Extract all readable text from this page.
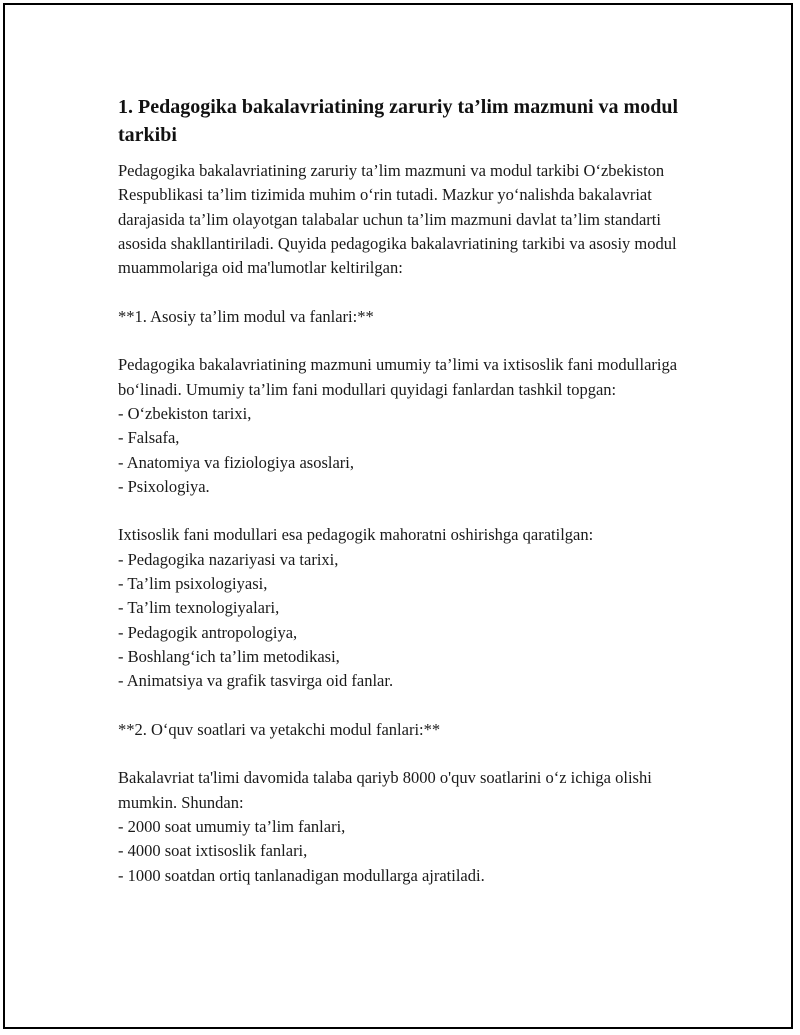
1. Pedagogika bakalavriatining zaruriy ta’lim mazmuni va modul tarkibi

Pedagogika bakalavriatining zaruriy ta’lim mazmuni va modul tarkibi O‘zbekiston Respublikasi ta’lim tizimida muhim o‘rin tutadi. Mazkur yo‘nalishda bakalavriat darajasida ta’lim olayotgan talabalar uchun ta’lim mazmuni davlat ta’lim standarti asosida shakllantiriladi. Quyida pedagogika bakalavriatining tarkibi va asosiy modul muammolariga oid ma'lumotlar keltirilgan:

**1. Asosiy ta’lim modul va fanlari:**

Pedagogika bakalavriatining mazmuni umumiy ta’limi va ixtisoslik fani modullariga bo‘linadi. Umumiy ta’lim fani modullari quyidagi fanlardan tashkil topgan:

- O‘zbekiston tarixi,
- Falsafa,
- Anatomiya va fiziologiya asoslari,
- Psixologiya.

Ixtisoslik fani modullari esa pedagogik mahoratni oshirishga qaratilgan:

- Pedagogika nazariyasi va tarixi,
- Ta’lim psixologiyasi,
- Ta’lim texnologiyalari,
- Pedagogik antropologiya,
- Boshlang‘ich ta’lim metodikasi,
- Animatsiya va grafik tasvirga oid fanlar.

**2. O‘quv soatlari va yetakchi modul fanlari:**

Bakalavriat ta'limi davomida talaba qariyb 8000 o'quv soatlarini o‘z ichiga olishi mumkin. Shundan:

- 2000 soat umumiy ta’lim fanlari,
- 4000 soat ixtisoslik fanlari,
- 1000 soatdan ortiq tanlanadigan modullarga ajratiladi.
